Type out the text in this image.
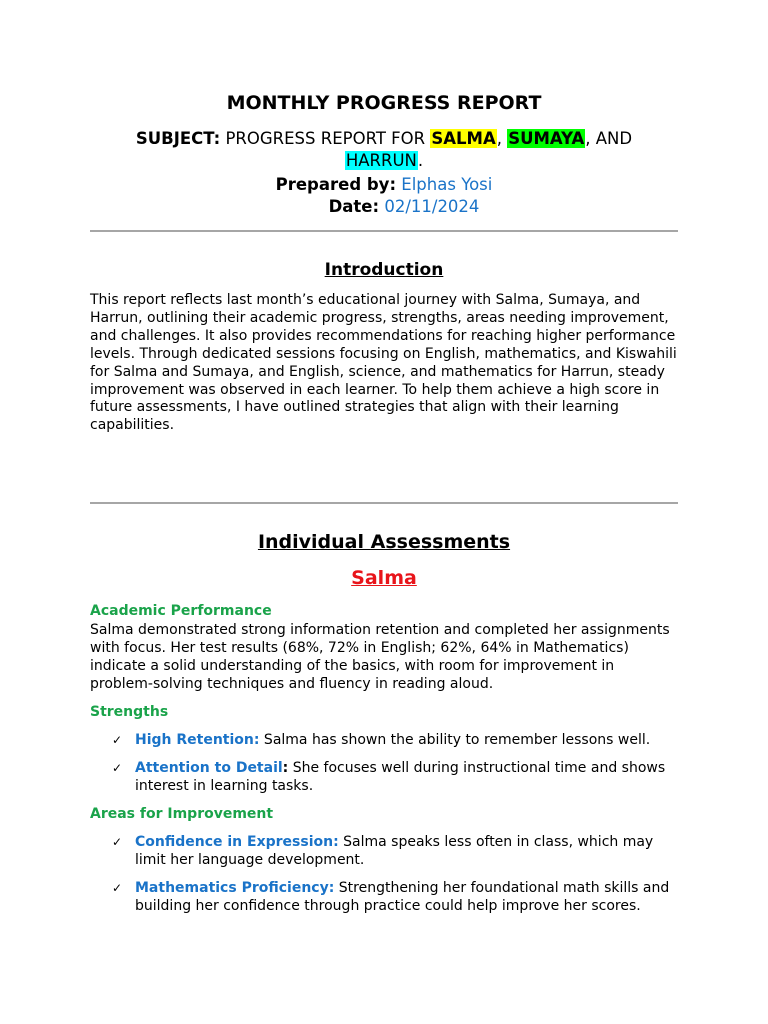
MONTHLY PROGRESS REPORT

SUBJECT: PROGRESS REPORT FOR SALMA, SUMAYA, AND HARRUN.

Prepared by: Elphas Yosi

Date: 02/11/2024

Introduction

This report reflects last month’s educational journey with Salma, Sumaya, and Harrun, outlining their academic progress, strengths, areas needing improvement, and challenges. It also provides recommendations for reaching higher performance levels. Through dedicated sessions focusing on English, mathematics, and Kiswahili for Salma and Sumaya, and English, science, and mathematics for Harrun, steady improvement was observed in each learner. To help them achieve a high score in future assessments, I have outlined strategies that align with their learning capabilities.

Individual Assessments
Salma
Academic Performance

Salma demonstrated strong information retention and completed her assignments with focus. Her test results (68%, 72% in English; 62%, 64% in Mathematics) indicate a solid understanding of the basics, with room for improvement in problem-solving techniques and fluency in reading aloud.

Strengths
✓ High Retention: Salma has shown the ability to remember lessons well.
✓ Attention to Detail: She focuses well during instructional time and shows interest in learning tasks.
Areas for Improvement
✓ Confidence in Expression: Salma speaks less often in class, which may limit her language development.
✓ Mathematics Proficiency: Strengthening her foundational math skills and building her confidence through practice could help improve her scores.
